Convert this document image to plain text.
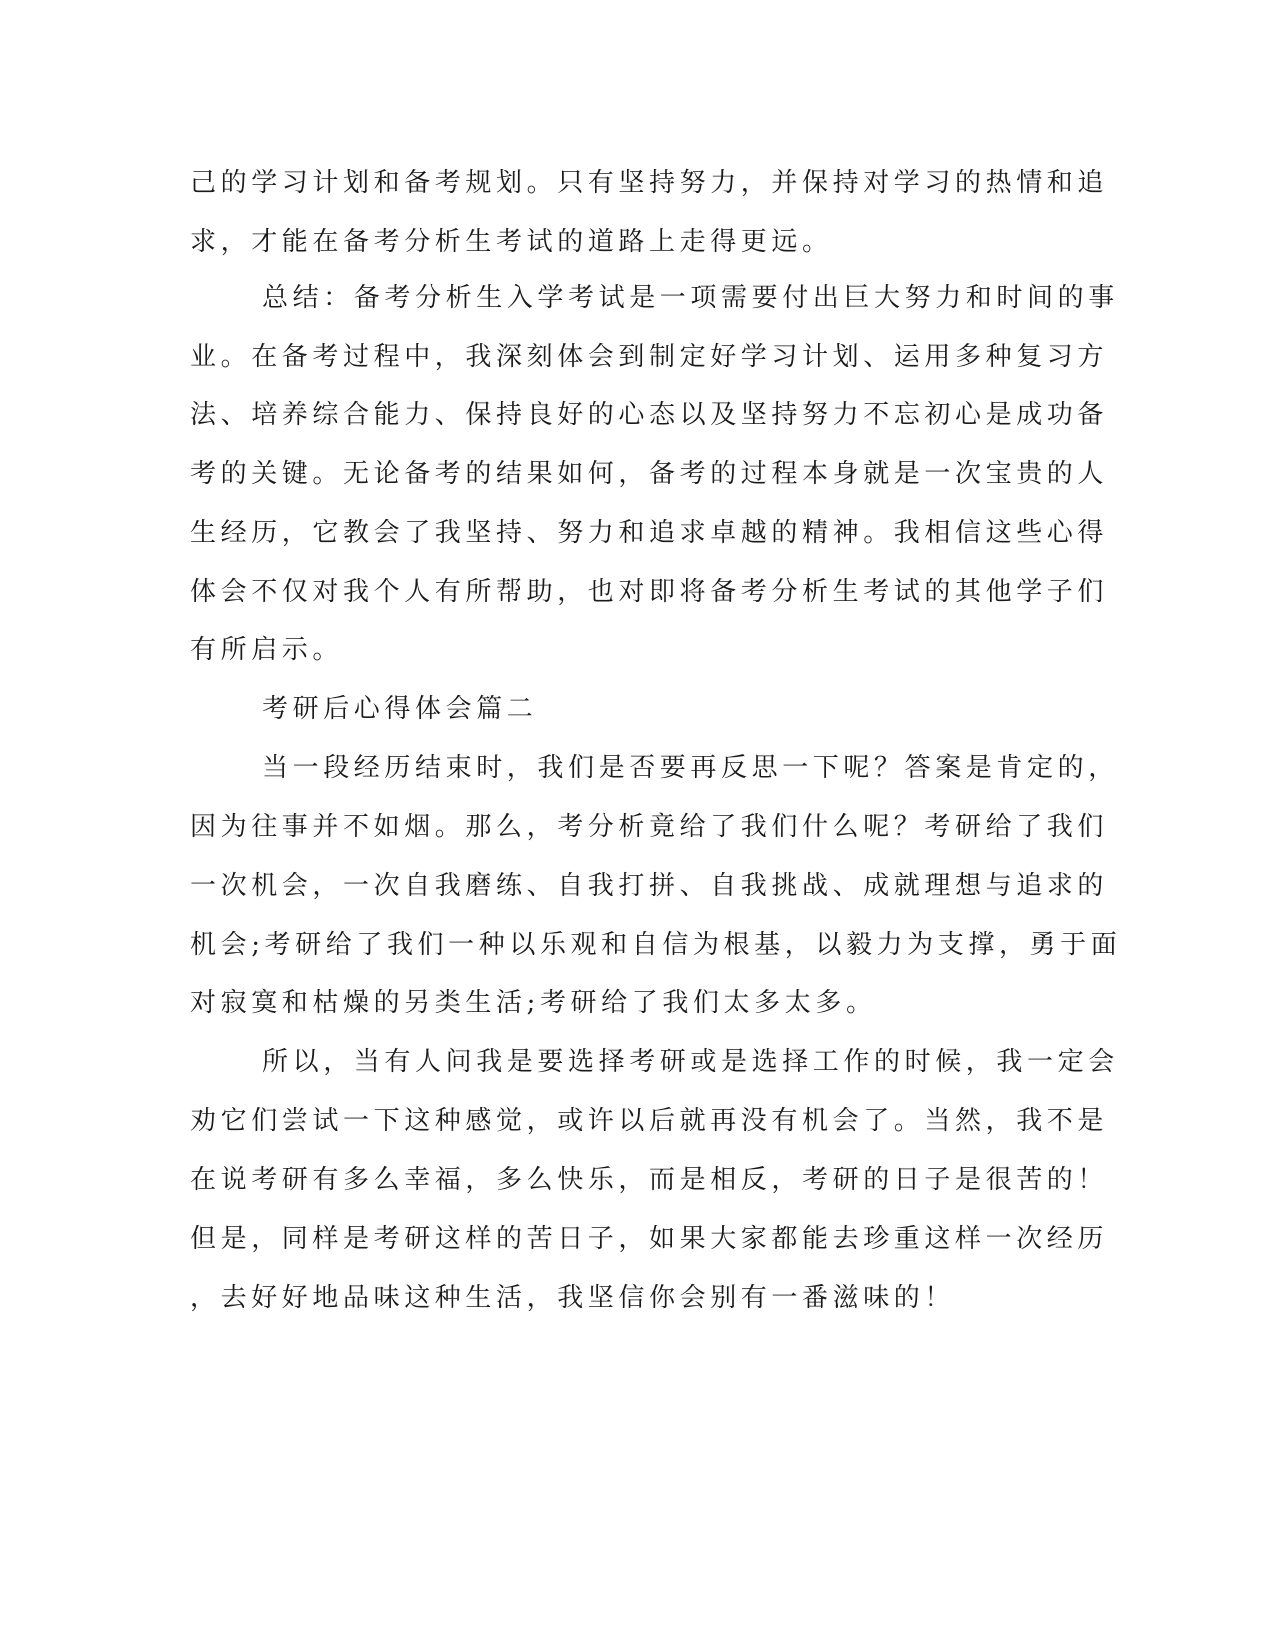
己的学习计划和备考规划。只有坚持努力，并保持对学习的热情和追
求，才能在备考分析生考试的道路上走得更远。
总结：备考分析生入学考试是一项需要付出巨大努力和时间的事
业。在备考过程中，我深刻体会到制定好学习计划、运用多种复习方
法、培养综合能力、保持良好的心态以及坚持努力不忘初心是成功备
考的关键。无论备考的结果如何，备考的过程本身就是一次宝贵的人
生经历，它教会了我坚持、努力和追求卓越的精神。我相信这些心得
体会不仅对我个人有所帮助，也对即将备考分析生考试的其他学子们
有所启示。
考研后心得体会篇二
当一段经历结束时，我们是否要再反思一下呢？答案是肯定的，
因为往事并不如烟。那么，考分析竟给了我们什么呢？考研给了我们
一次机会，一次自我磨练、自我打拼、自我挑战、成就理想与追求的
机会;考研给了我们一种以乐观和自信为根基，以毅力为支撑，勇于面
对寂寞和枯燥的另类生活;考研给了我们太多太多。
所以，当有人问我是要选择考研或是选择工作的时候，我一定会
劝它们尝试一下这种感觉，或许以后就再没有机会了。当然，我不是
在说考研有多么幸福，多么快乐，而是相反，考研的日子是很苦的！
但是，同样是考研这样的苦日子，如果大家都能去珍重这样一次经历
，去好好地品味这种生活，我坚信你会别有一番滋味的！
